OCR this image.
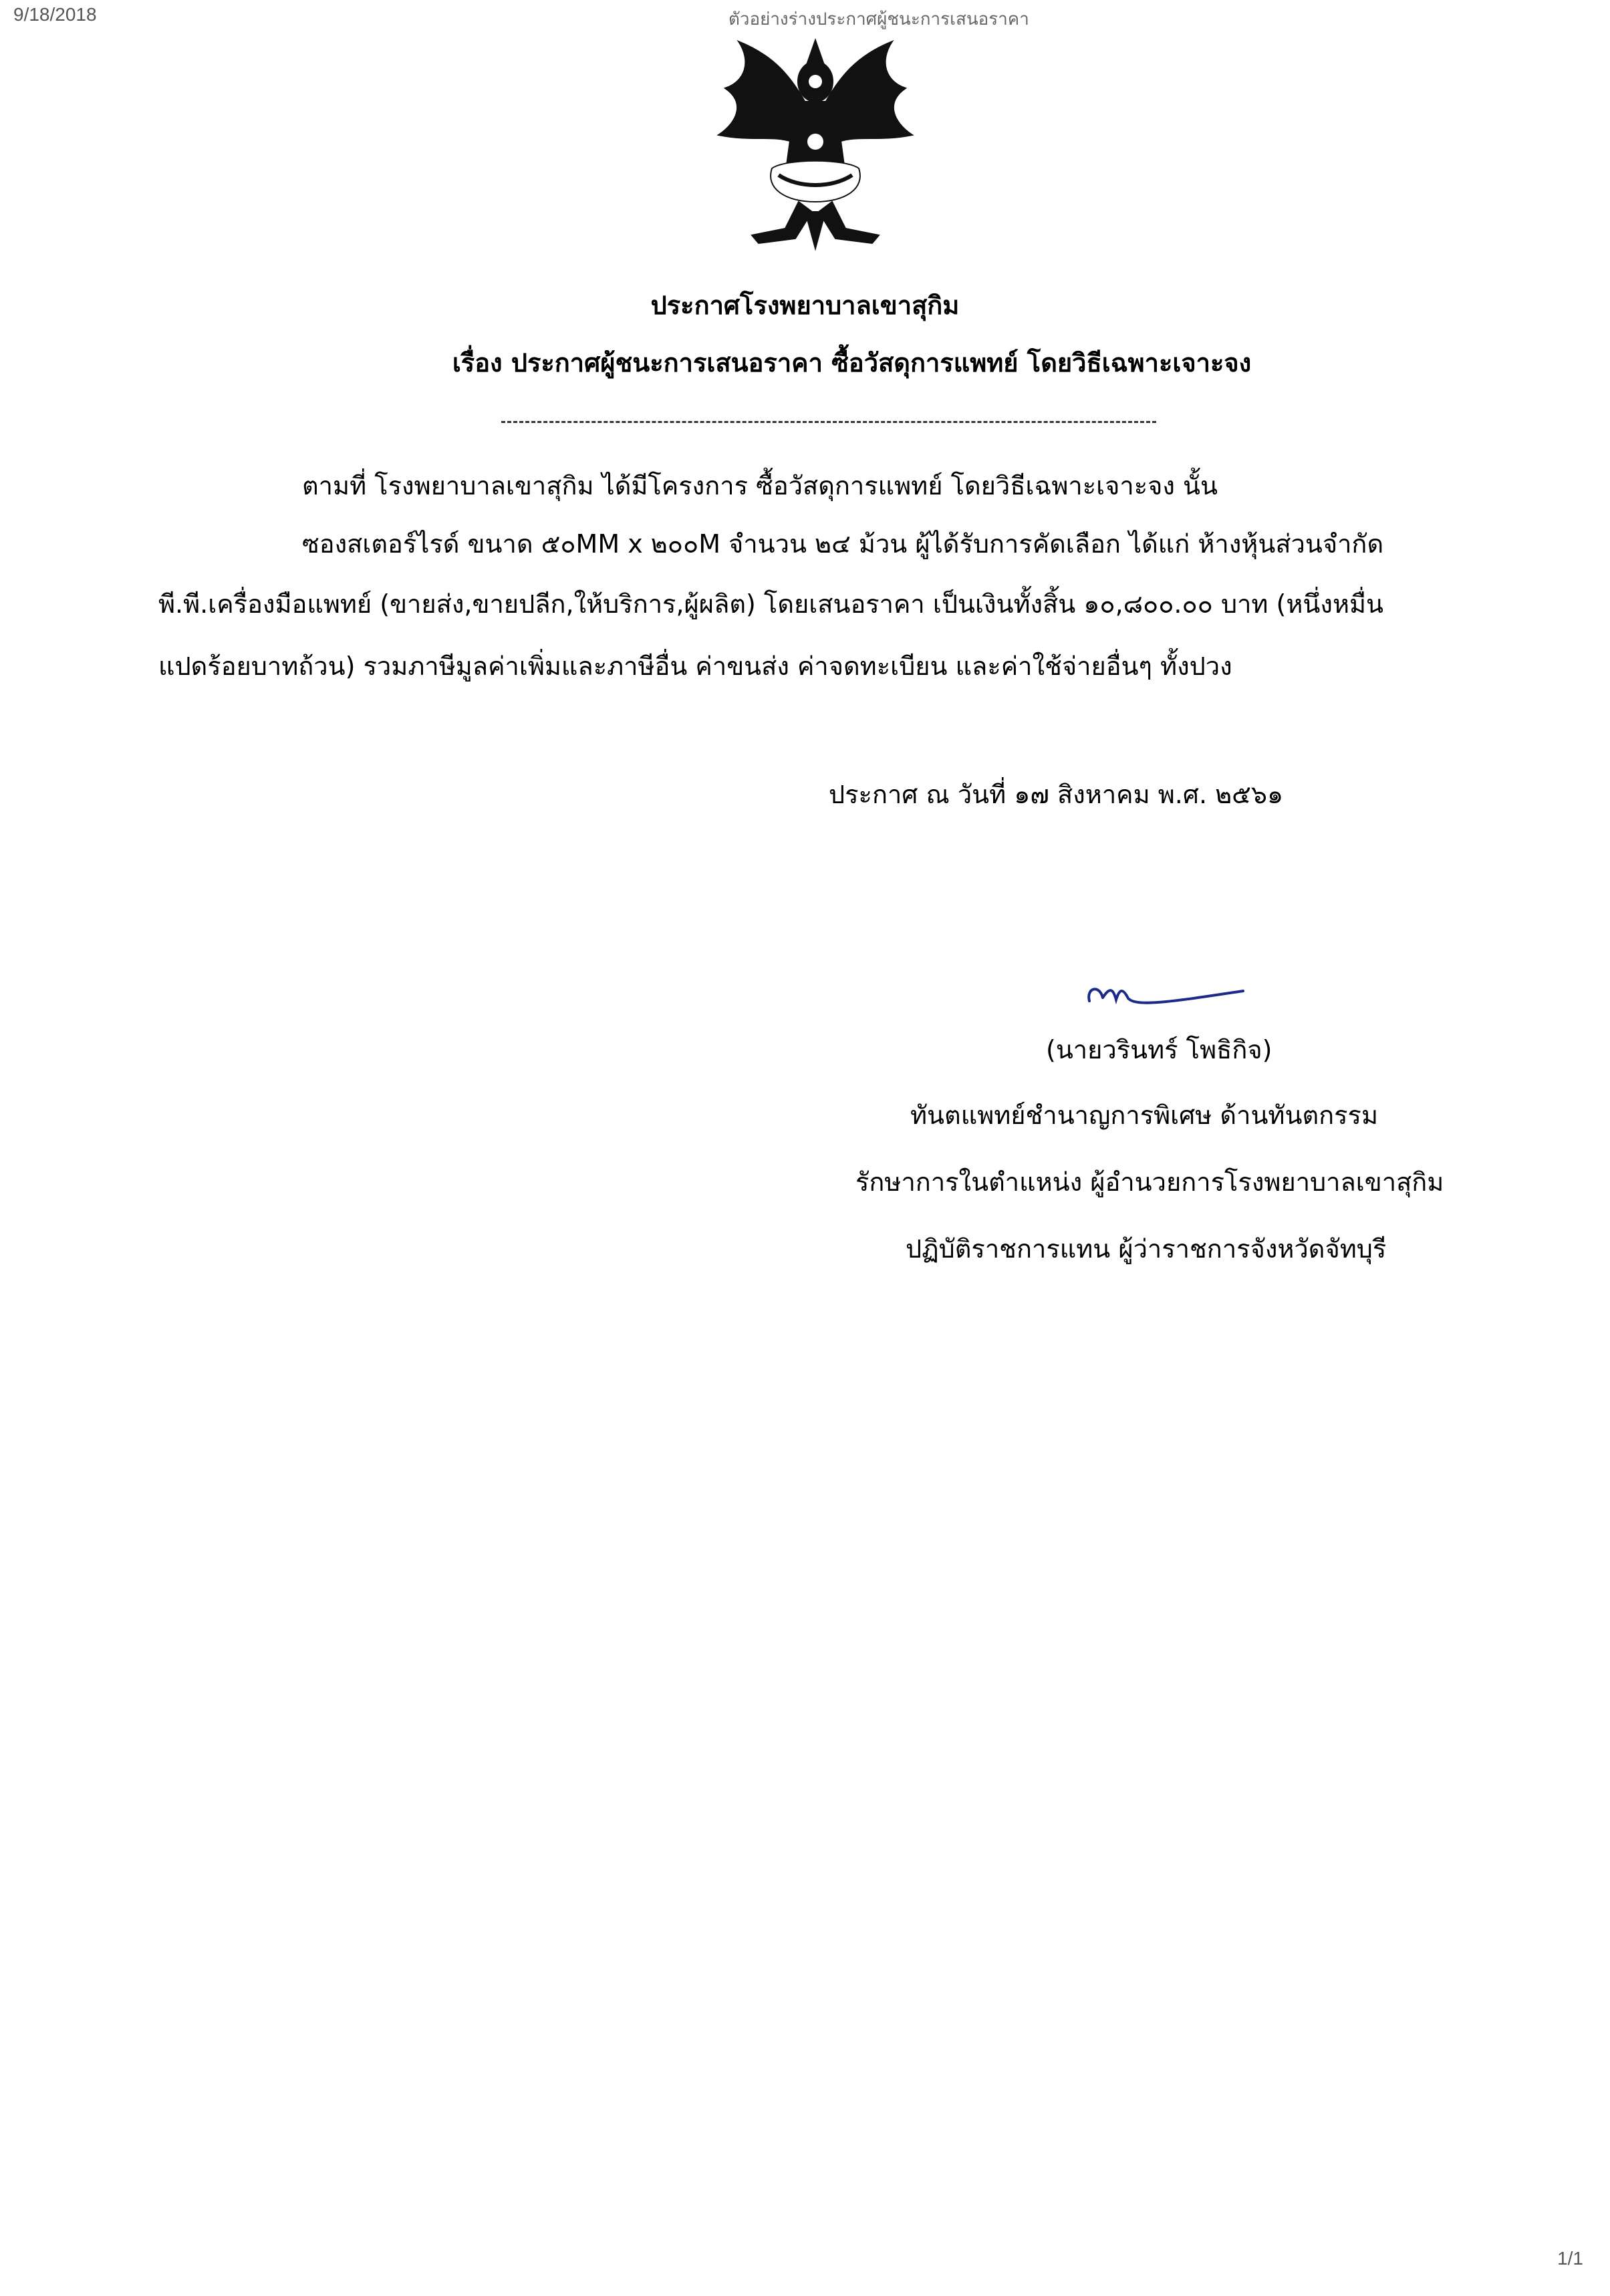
9/18/2018	ตัวอย่างร่างประกาศผู้ชนะการเสนอราคา
ประกาศโรงพยาบาลเขาสุกิม
เรื่อง ประกาศผู้ชนะการเสนอราคา ซื้อวัสดุการแพทย์ โดยวิธีเฉพาะเจาะจง
ตามที่ โรงพยาบาลเขาสุกิม ได้มีโครงการ ซื้อวัสดุการแพทย์ โดยวิธีเฉพาะเจาะจง นั้น
ซองสเตอร์ไรด์ ขนาด ๕๐MM x ๒๐๐M จำนวน ๒๔ ม้วน ผู้ได้รับการคัดเลือก ได้แก่ ห้างหุ้นส่วนจำกัด
พี.พี.เครื่องมือแพทย์ (ขายส่ง,ขายปลีก,ให้บริการ,ผู้ผลิต) โดยเสนอราคา เป็นเงินทั้งสิ้น ๑๐,๘๐๐.๐๐ บาท (หนึ่งหมื่น
แปดร้อยบาทถ้วน) รวมภาษีมูลค่าเพิ่มและภาษีอื่น ค่าขนส่ง ค่าจดทะเบียน และค่าใช้จ่ายอื่นๆ ทั้งปวง
ประกาศ ณ วันที่ ๑๗ สิงหาคม พ.ศ. ๒๕๖๑
(นายวรินทร์ โพธิกิจ)
ทันตแพทย์ชำนาญการพิเศษ ด้านทันตกรรม
รักษาการในตำแหน่ง ผู้อำนวยการโรงพยาบาลเขาสุกิม
ปฏิบัติราชการแทน ผู้ว่าราชการจังหวัดจัทบุรี
1/1
